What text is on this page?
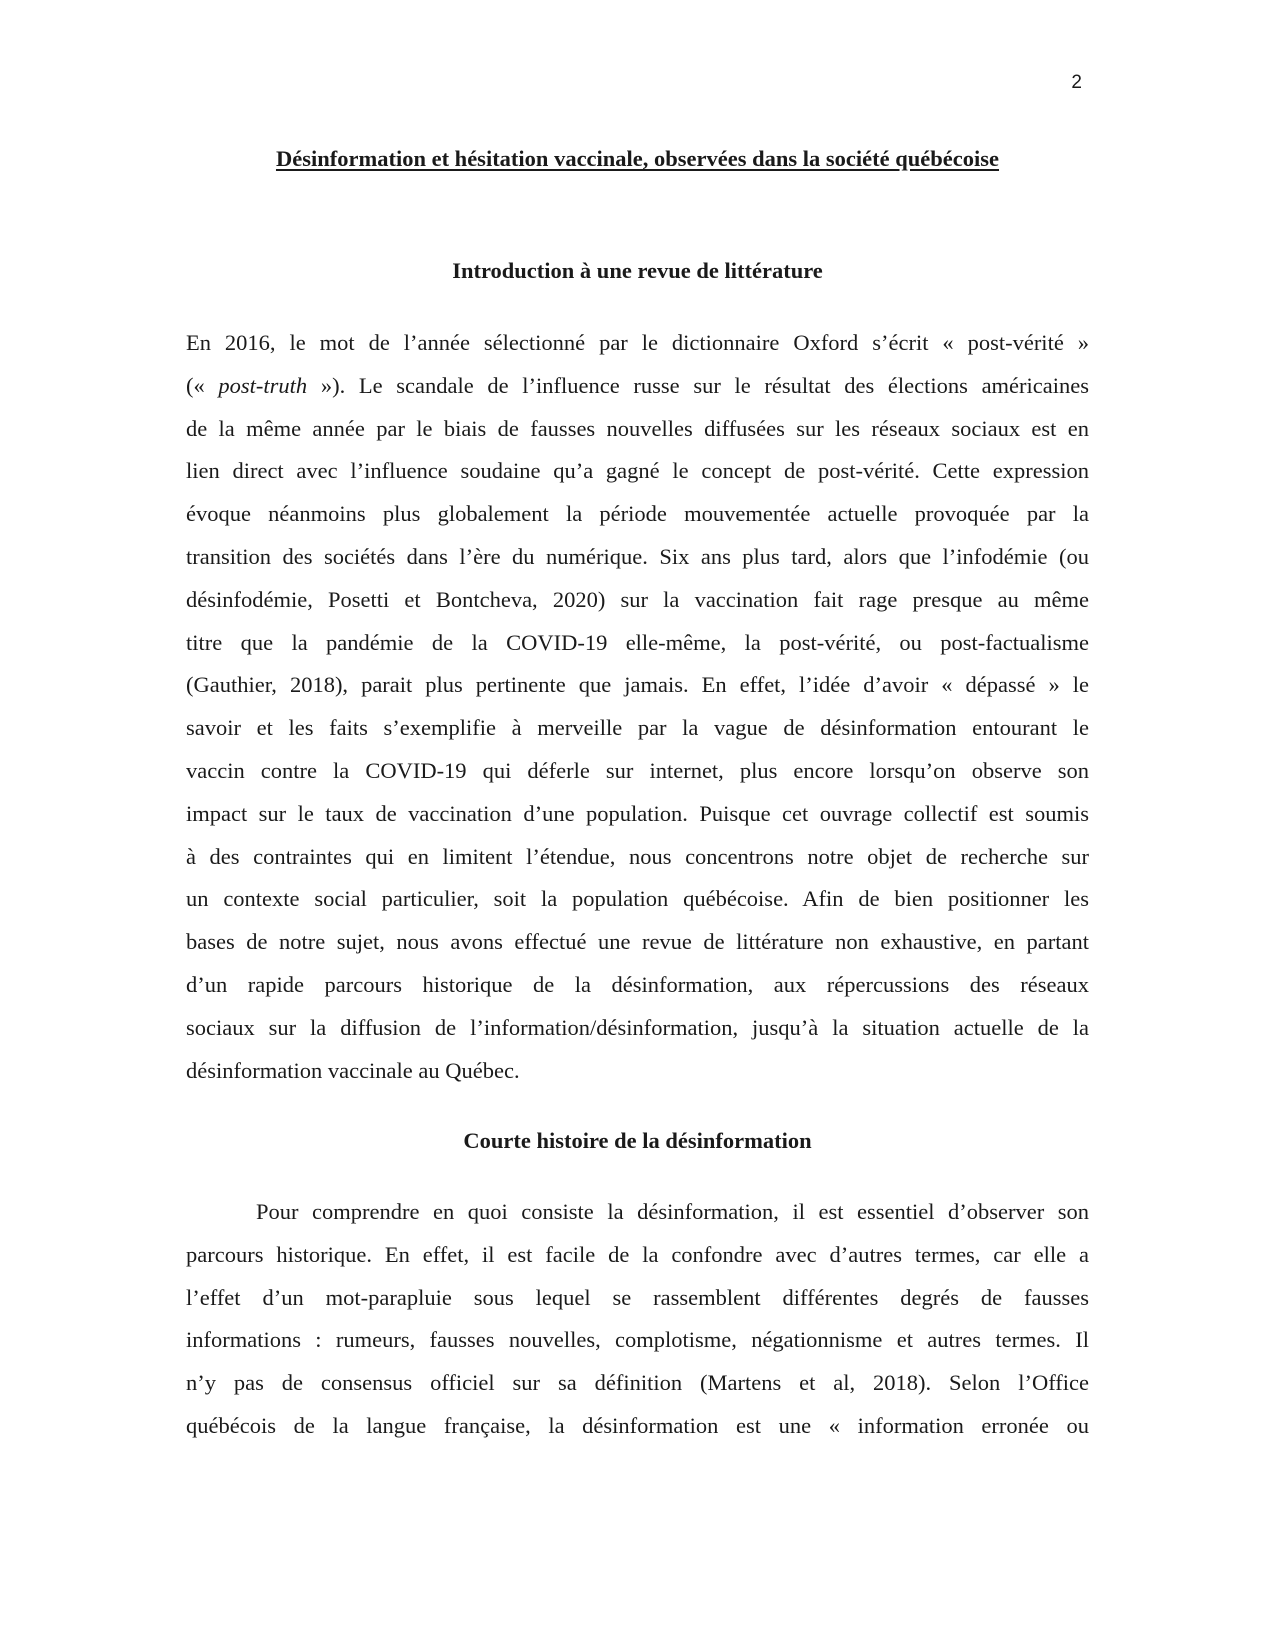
2
Désinformation et hésitation vaccinale, observées dans la société québécoise
Introduction à une revue de littérature
En 2016, le mot de l’année sélectionné par le dictionnaire Oxford s’écrit « post-vérité »
(« post-truth »). Le scandale de l’influence russe sur le résultat des élections américaines
de la même année par le biais de fausses nouvelles diffusées sur les réseaux sociaux est en
lien direct avec l’influence soudaine qu’a gagné le concept de post-vérité. Cette expression
évoque néanmoins plus globalement la période mouvementée actuelle provoquée par la
transition des sociétés dans l’ère du numérique. Six ans plus tard, alors que l’infodémie (ou
désinfodémie, Posetti et Bontcheva, 2020) sur la vaccination fait rage presque au même
titre que la pandémie de la COVID-19 elle-même, la post-vérité, ou post-factualisme
(Gauthier, 2018), parait plus pertinente que jamais. En effet, l’idée d’avoir « dépassé » le
savoir et les faits s’exemplifie à merveille par la vague de désinformation entourant le
vaccin contre la COVID-19 qui déferle sur internet, plus encore lorsqu’on observe son
impact sur le taux de vaccination d’une population. Puisque cet ouvrage collectif est soumis
à des contraintes qui en limitent l’étendue, nous concentrons notre objet de recherche sur
un contexte social particulier, soit la population québécoise. Afin de bien positionner les
bases de notre sujet, nous avons effectué une revue de littérature non exhaustive, en partant
d’un rapide parcours historique de la désinformation, aux répercussions des réseaux
sociaux sur la diffusion de l’information/désinformation, jusqu’à la situation actuelle de la
désinformation vaccinale au Québec.
Courte histoire de la désinformation
Pour comprendre en quoi consiste la désinformation, il est essentiel d’observer son
parcours historique. En effet, il est facile de la confondre avec d’autres termes, car elle a
l’effet d’un mot-parapluie sous lequel se rassemblent différentes degrés de fausses
informations : rumeurs, fausses nouvelles, complotisme, négationnisme et autres termes. Il
n’y pas de consensus officiel sur sa définition (Martens et al, 2018). Selon l’Office
québécois de la langue française, la désinformation est une « information erronée ou
